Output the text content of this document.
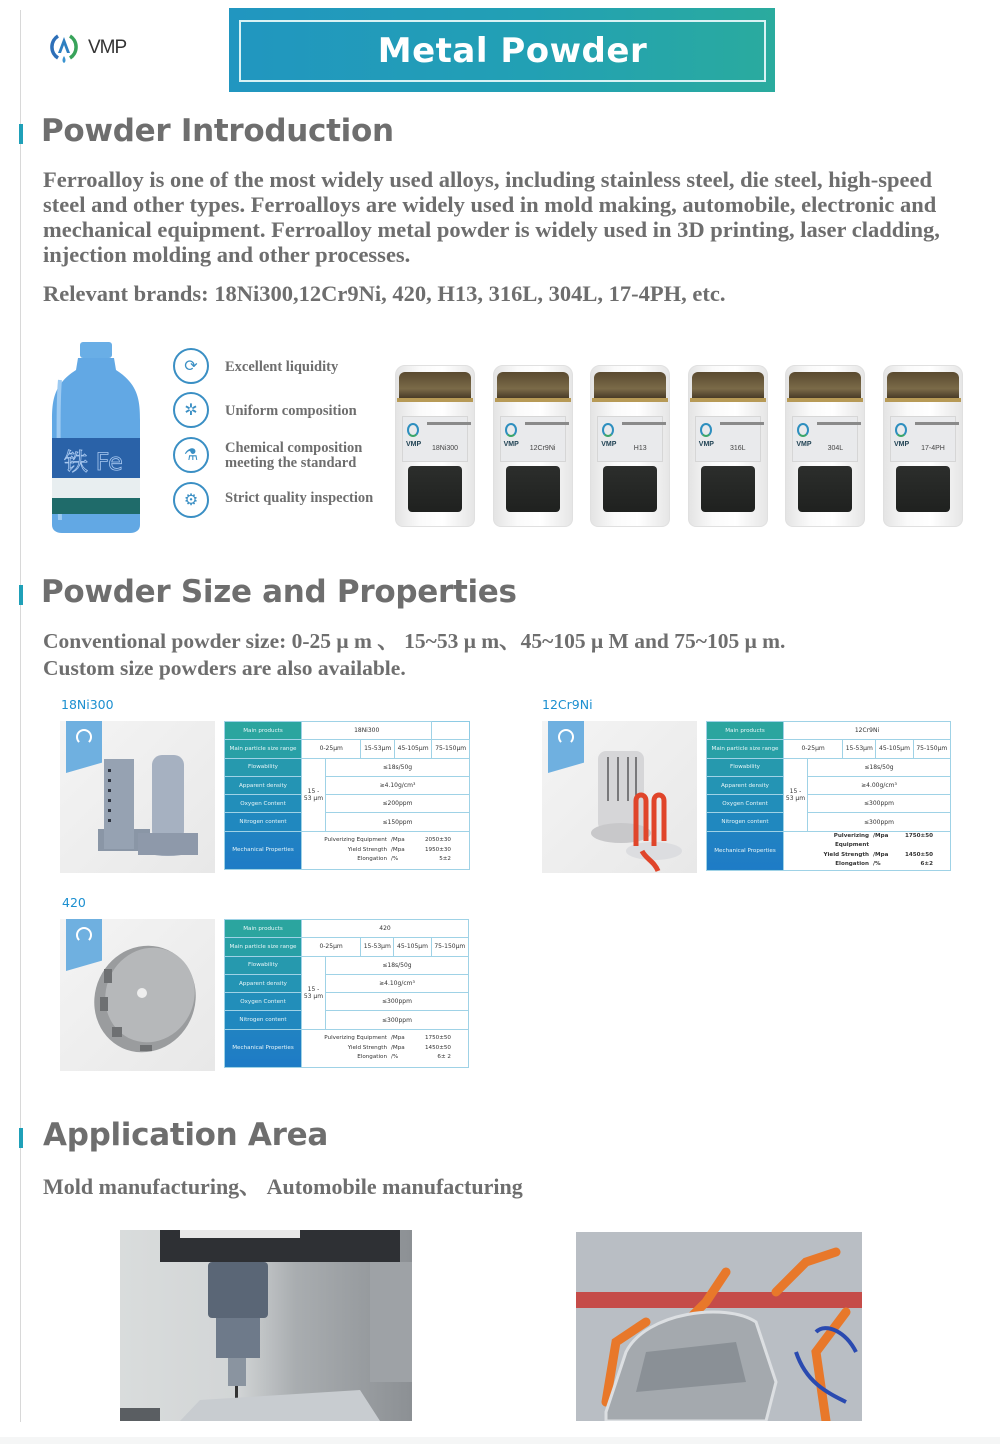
VMP	Metal Powder
Powder Introduction
Ferroalloy is one of the most widely used alloys, including stainless steel, die steel, high-speed steel and other types. Ferroalloys are widely used in mold making, automobile, electronic and mechanical equipment. Ferroalloy metal powder is widely used in 3D printing, laser cladding, injection molding and other processes.
Relevant brands: 18Ni300,12Cr9Ni, 420, H13, 316L, 304L, 17-4PH, etc.
铁 Fe
⟳	Excellent liquidity
✲	Uniform composition
⚗	Chemical composition meeting the standard
⚙	Strict quality inspection
VMP
18Ni300
VMP
12Cr9Ni
VMP
H13
VMP
316L
VMP
304L
VMP
17-4PH
Powder Size and Properties
Conventional powder size: 0-25 μ m 、 15~53 μ m、45~105 μ M and 75~105 μ m.
Custom size powders are also available.
18Ni300
Main products	18Ni300				
Main particle size range	0-25μm		15-53μm	45-105μm	75-150μm
Flowability	15 - 53 μm	≤18s/50g			
Apparent density		≥4.10g/cm³			
Oxygen Content		≤200ppm			
Nitrogen content		≤150ppm			
Mechanical Properties	
Pulverizing Equipment /Mpa	2050±30
Yield Strength /Mpa	1950±30
Elongation /%	5±2
12Cr9Ni
Main products	12Cr9Ni				
Main particle size range	0-25μm		15-53μm	45-105μm	75-150μm
Flowability	15 - 53 μm	≤18s/50g			
Apparent density		≥4.00g/cm³			
Oxygen Content		≤300ppm			
Nitrogen content		≤300ppm			
Mechanical Properties	
Pulverizing Equipment
/Mpa	1750±50
Yield Strength /Mpa	1450±50
Elongation /%	6±2
420
Main products	420				
Main particle size range	0-25μm		15-53μm	45-105μm	75-150μm
Flowability	15 - 53 μm	≤18s/50g			
Apparent density		≥4.10g/cm³			
Oxygen Content		≤300ppm			
Nitrogen content		≤300ppm			
Mechanical Properties	
Pulverizing Equipment /Mpa	1750±50
Yield Strength /Mpa	1450±50
Elongation /%	6± 2
Application Area
Mold manufacturing、 Automobile manufacturing
